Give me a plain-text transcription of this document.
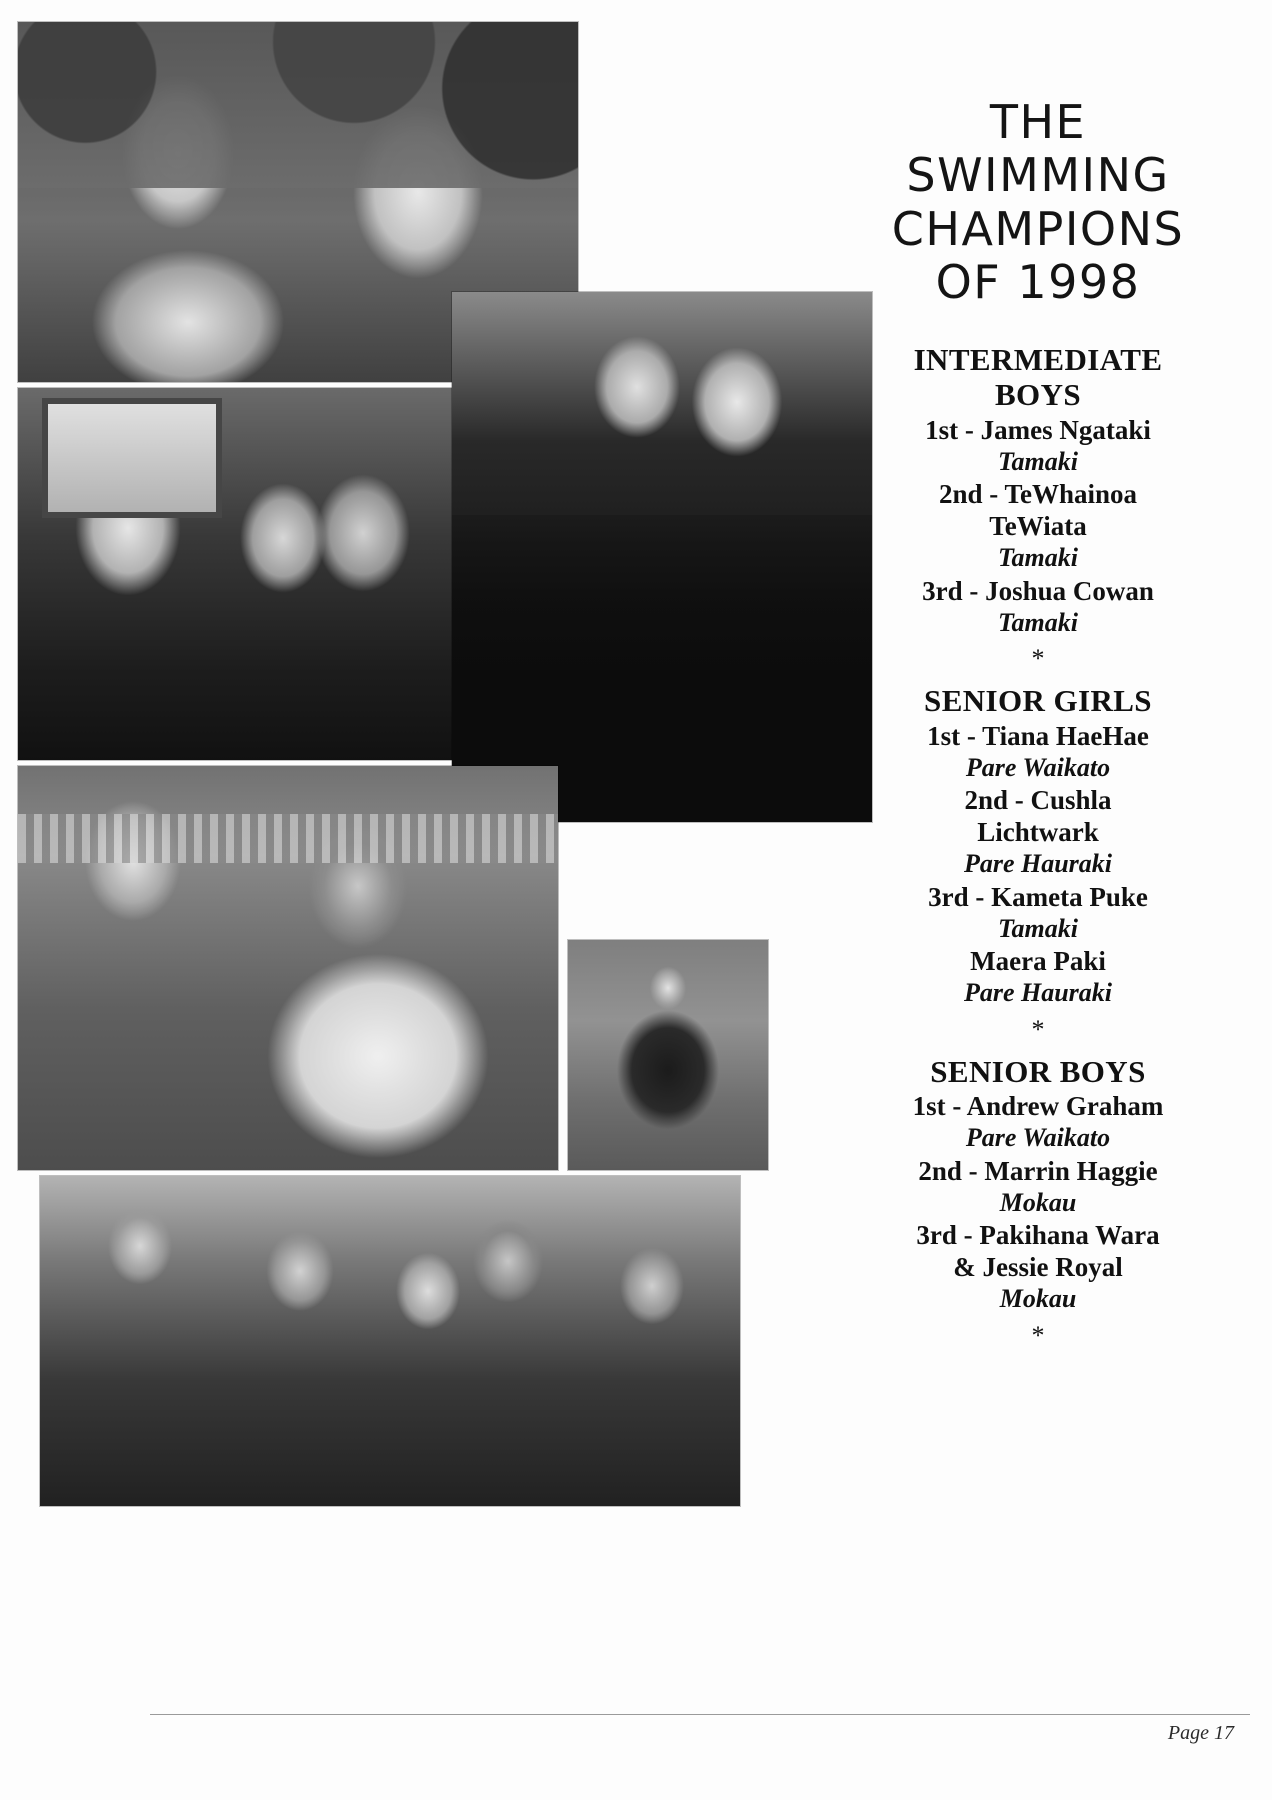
THE
SWIMMING
CHAMPIONS
OF 1998
INTERMEDIATE
BOYS

1st - James Ngataki

Tamaki

2nd - TeWhainoa

TeWiata

Tamaki

3rd - Joshua Cowan

Tamaki

*
SENIOR GIRLS

1st - Tiana HaeHae

Pare Waikato

2nd - Cushla

Lichtwark

Pare Hauraki

3rd - Kameta Puke

Tamaki

Maera Paki

Pare Hauraki

*
SENIOR BOYS

1st - Andrew Graham

Pare Waikato

2nd - Marrin Haggie

Mokau

3rd - Pakihana Wara

& Jessie Royal

Mokau

*
Page 17
